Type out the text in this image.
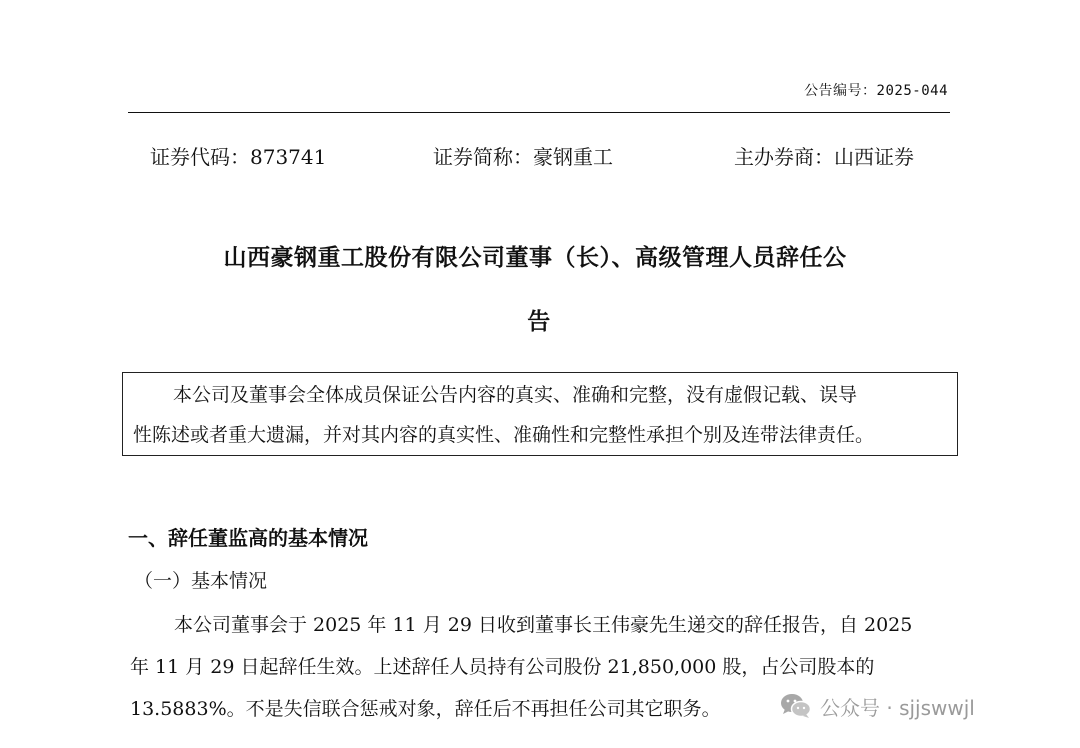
公告编号：2025-044
证券代码：873741	证券简称：豪钢重工	主办券商：山西证券
山西豪钢重工股份有限公司董事（长）、高级管理人员辞任公
告

本公司及董事会全体成员保证公告内容的真实、准确和完整，没有虚假记载、误导

性陈述或者重大遗漏，并对其内容的真实性、准确性和完整性承担个别及连带法律责任。

一、辞任董监高的基本情况
（一）基本情况
本公司董事会于 2025 年 11 月 29 日收到董事长王伟豪先生递交的辞任报告，自 2025
年 11 月 29 日起辞任生效。上述辞任人员持有公司股份 21,850,000 股，占公司股本的
13.5883%。不是失信联合惩戒对象，辞任后不再担任公司其它职务。	公众号 · sjjswwjl
